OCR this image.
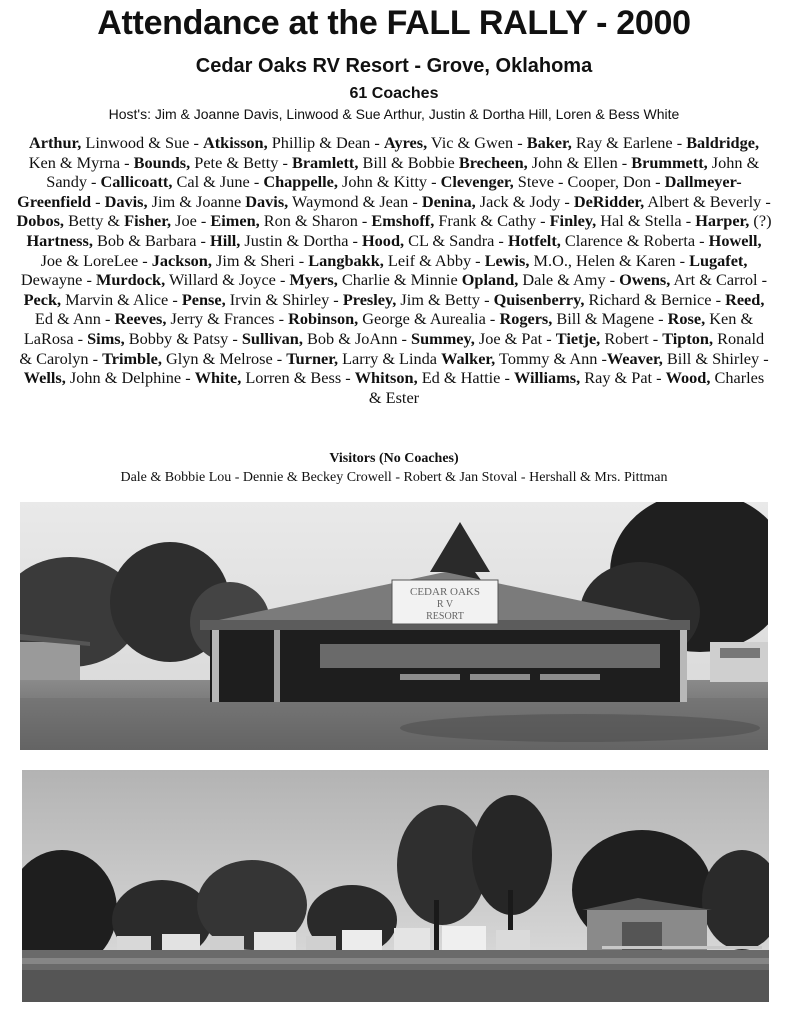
Attendance at the FALL RALLY - 2000
Cedar Oaks RV Resort - Grove, Oklahoma
61 Coaches
Host's: Jim & Joanne Davis, Linwood & Sue Arthur, Justin & Dortha Hill, Loren & Bess White
Arthur, Linwood & Sue - Atkisson, Phillip & Dean - Ayres, Vic & Gwen - Baker, Ray & Earlene - Baldridge, Ken & Myrna - Bounds, Pete & Betty - Bramlett, Bill & Bobbie Brecheen, John & Ellen - Brummett, John & Sandy - Callicoatt, Cal & June - Chappelle, John & Kitty - Clevenger, Steve - Cooper, Don - Dallmeyer-Greenfield - Davis, Jim & Joanne Davis, Waymond & Jean - Denina, Jack & Jody - DeRidder, Albert & Beverly - Dobos, Betty & Fisher, Joe - Eimen, Ron & Sharon - Emshoff, Frank & Cathy - Finley, Hal & Stella - Harper, (?) Hartness, Bob & Barbara - Hill, Justin & Dortha - Hood, CL & Sandra - Hotfelt, Clarence & Roberta - Howell, Joe & LoreLee - Jackson, Jim & Sheri - Langbakk, Leif & Abby - Lewis, M.O., Helen & Karen - Lugafet, Dewayne - Murdock, Willard & Joyce - Myers, Charlie & Minnie Opland, Dale & Amy - Owens, Art & Carrol - Peck, Marvin & Alice - Pense, Irvin & Shirley - Presley, Jim & Betty - Quisenberry, Richard & Bernice - Reed, Ed & Ann - Reeves, Jerry & Frances - Robinson, George & Aurealia - Rogers, Bill & Magene - Rose, Ken & LaRosa - Sims, Bobby & Patsy - Sullivan, Bob & JoAnn - Summey, Joe & Pat - Tietje, Robert - Tipton, Ronald & Carolyn - Trimble, Glyn & Melrose - Turner, Larry & Linda Walker, Tommy & Ann -Weaver, Bill & Shirley - Wells, John & Delphine - White, Lorren & Bess - Whitson, Ed & Hattie - Williams, Ray & Pat - Wood, Charles & Ester
Visitors (No Coaches)
Dale & Bobbie Lou - Dennie & Beckey Crowell - Robert & Jan Stoval - Hershall & Mrs. Pittman
CEDAR OAKS
R V
RESORT
